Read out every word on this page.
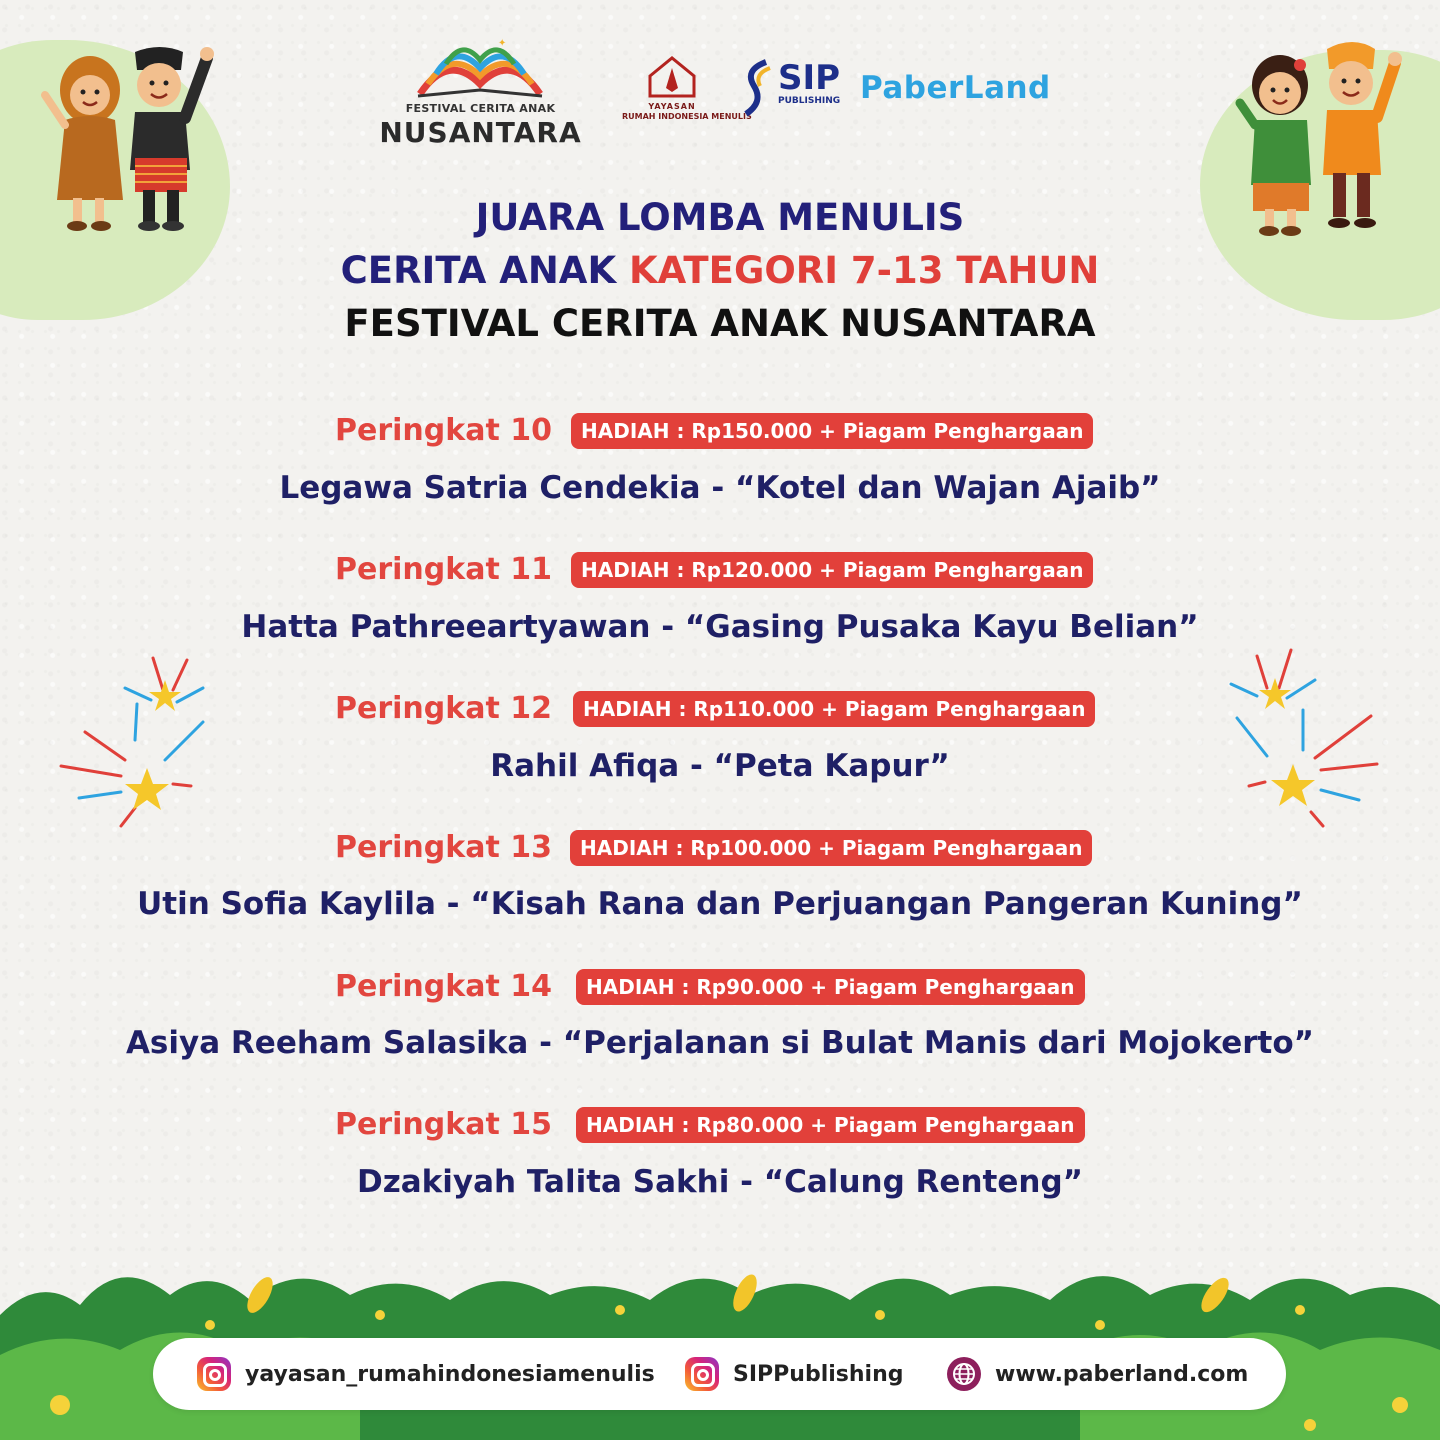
✦
FESTIVAL CERITA ANAK
NUSANTARA
YAYASAN
RUMAH INDONESIA MENULIS
SIP
PUBLISHING PaberLand
JUARA LOMBA MENULIS
CERITA ANAK KATEGORI 7-13 TAHUN
FESTIVAL CERITA ANAK NUSANTARA
Peringkat 10	HADIAH : Rp150.000 + Piagam Penghargaan
Legawa Satria Cendekia - “Kotel dan Wajan Ajaib”
Peringkat 11	HADIAH : Rp120.000 + Piagam Penghargaan
Hatta Pathreeartyawan - “Gasing Pusaka Kayu Belian”
Peringkat 12	HADIAH : Rp110.000 + Piagam Penghargaan
Rahil Afiqa - “Peta Kapur”
Peringkat 13	HADIAH : Rp100.000 + Piagam Penghargaan
Utin Sofia Kaylila - “Kisah Rana dan Perjuangan Pangeran Kuning”
Peringkat 14	HADIAH : Rp90.000 + Piagam Penghargaan
Asiya Reeham Salasika - “Perjalanan si Bulat Manis dari Mojokerto”
Peringkat 15	HADIAH : Rp80.000 + Piagam Penghargaan
Dzakiyah Talita Sakhi - “Calung Renteng”
yayasan_rumahindonesiamenulis	SIPPublishing	www.paberland.com
